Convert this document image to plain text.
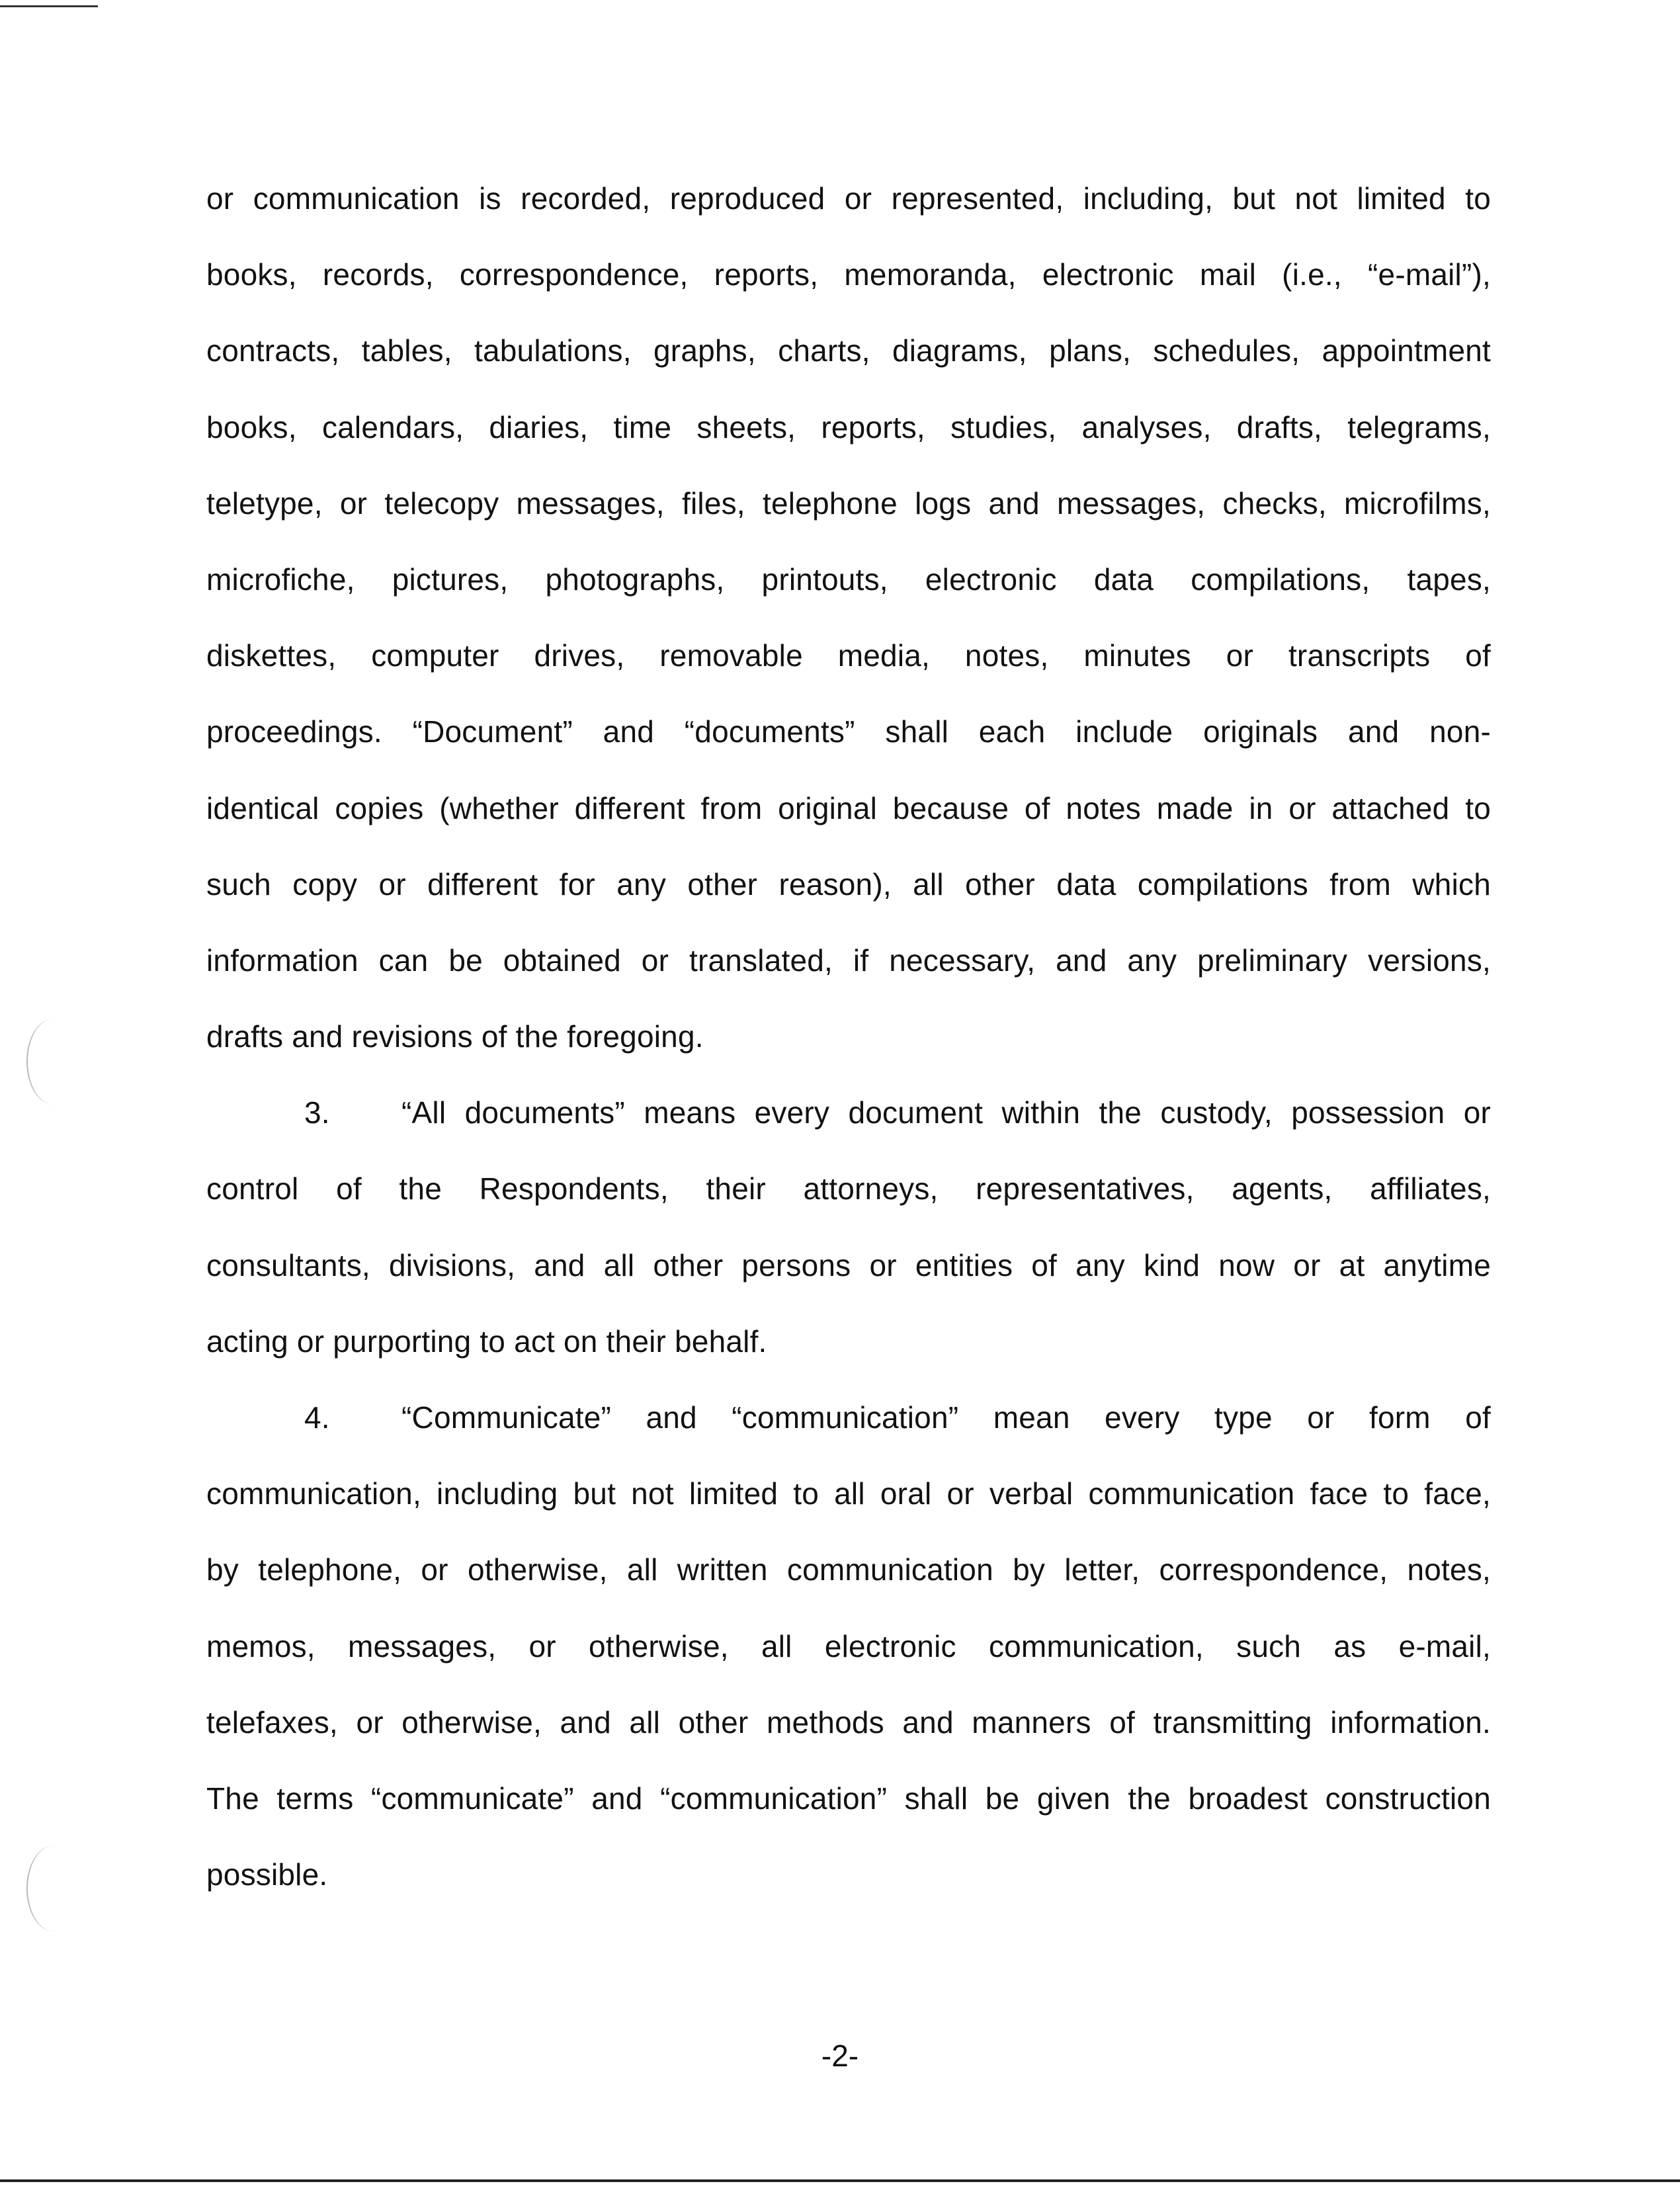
or communication is recorded, reproduced or represented, including, but not limited to
books, records, correspondence, reports, memoranda, electronic mail (i.e., “e-mail”),
contracts, tables, tabulations, graphs, charts, diagrams, plans, schedules, appointment
books, calendars, diaries, time sheets, reports, studies, analyses, drafts, telegrams,
teletype, or telecopy messages, files, telephone logs and messages, checks, microfilms,
microfiche, pictures, photographs, printouts, electronic data compilations, tapes,
diskettes, computer drives, removable media, notes, minutes or transcripts of
proceedings. “Document” and “documents” shall each include originals and non-
identical copies (whether different from original because of notes made in or attached to
such copy or different for any other reason), all other data compilations from which
information can be obtained or translated, if necessary, and any preliminary versions,
drafts and revisions of the foregoing.
3.	“All documents” means every document within the custody, possession or
control of the Respondents, their attorneys, representatives, agents, affiliates,
consultants, divisions, and all other persons or entities of any kind now or at anytime
acting or purporting to act on their behalf.
4.	“Communicate” and “communication” mean every type or form of
communication, including but not limited to all oral or verbal communication face to face,
by telephone, or otherwise, all written communication by letter, correspondence, notes,
memos, messages, or otherwise, all electronic communication, such as e-mail,
telefaxes, or otherwise, and all other methods and manners of transmitting information.
The terms “communicate” and “communication” shall be given the broadest construction
possible.
-2-
